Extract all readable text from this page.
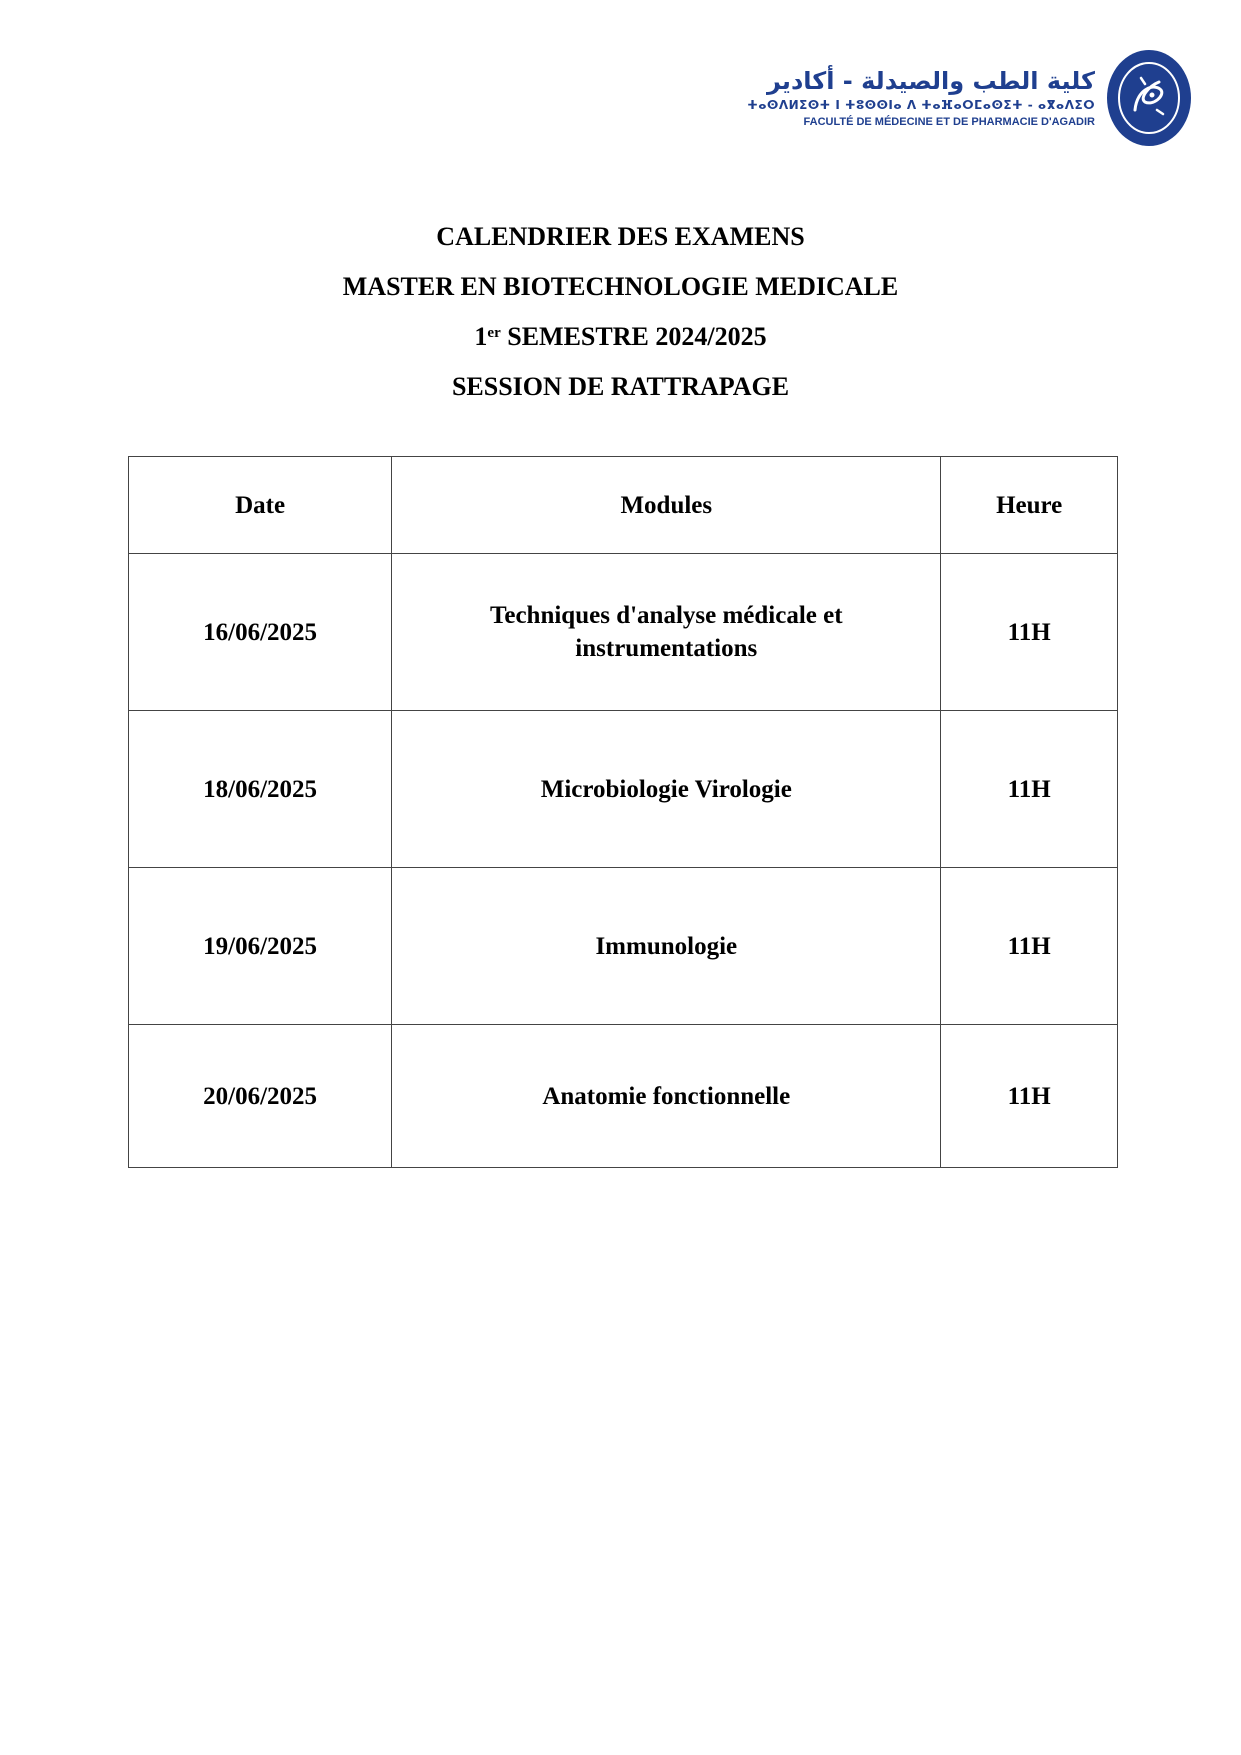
كلية الطب والصيدلة - أكادير
ⵜⴰⵙⴷⵍⵉⵙⵜ ⵏ ⵜⵓⵙⵙⵏⴰ ⴷ ⵜⴰⴼⴰⵔⵎⴰⵙⵉⵜ - ⴰⴳⴰⴷⵉⵔ
FACULTÉ DE MÉDECINE ET DE PHARMACIE D'AGADIR

CALENDRIER DES EXAMENS

MASTER EN BIOTECHNOLOGIE MEDICALE

1er SEMESTRE 2024/2025

SESSION DE RATTRAPAGE

Date	Modules	Heure
16/06/2025	Techniques d'analyse médicale et instrumentations	11H
18/06/2025	Microbiologie Virologie	11H
19/06/2025	Immunologie	11H
20/06/2025	Anatomie fonctionnelle	11H
